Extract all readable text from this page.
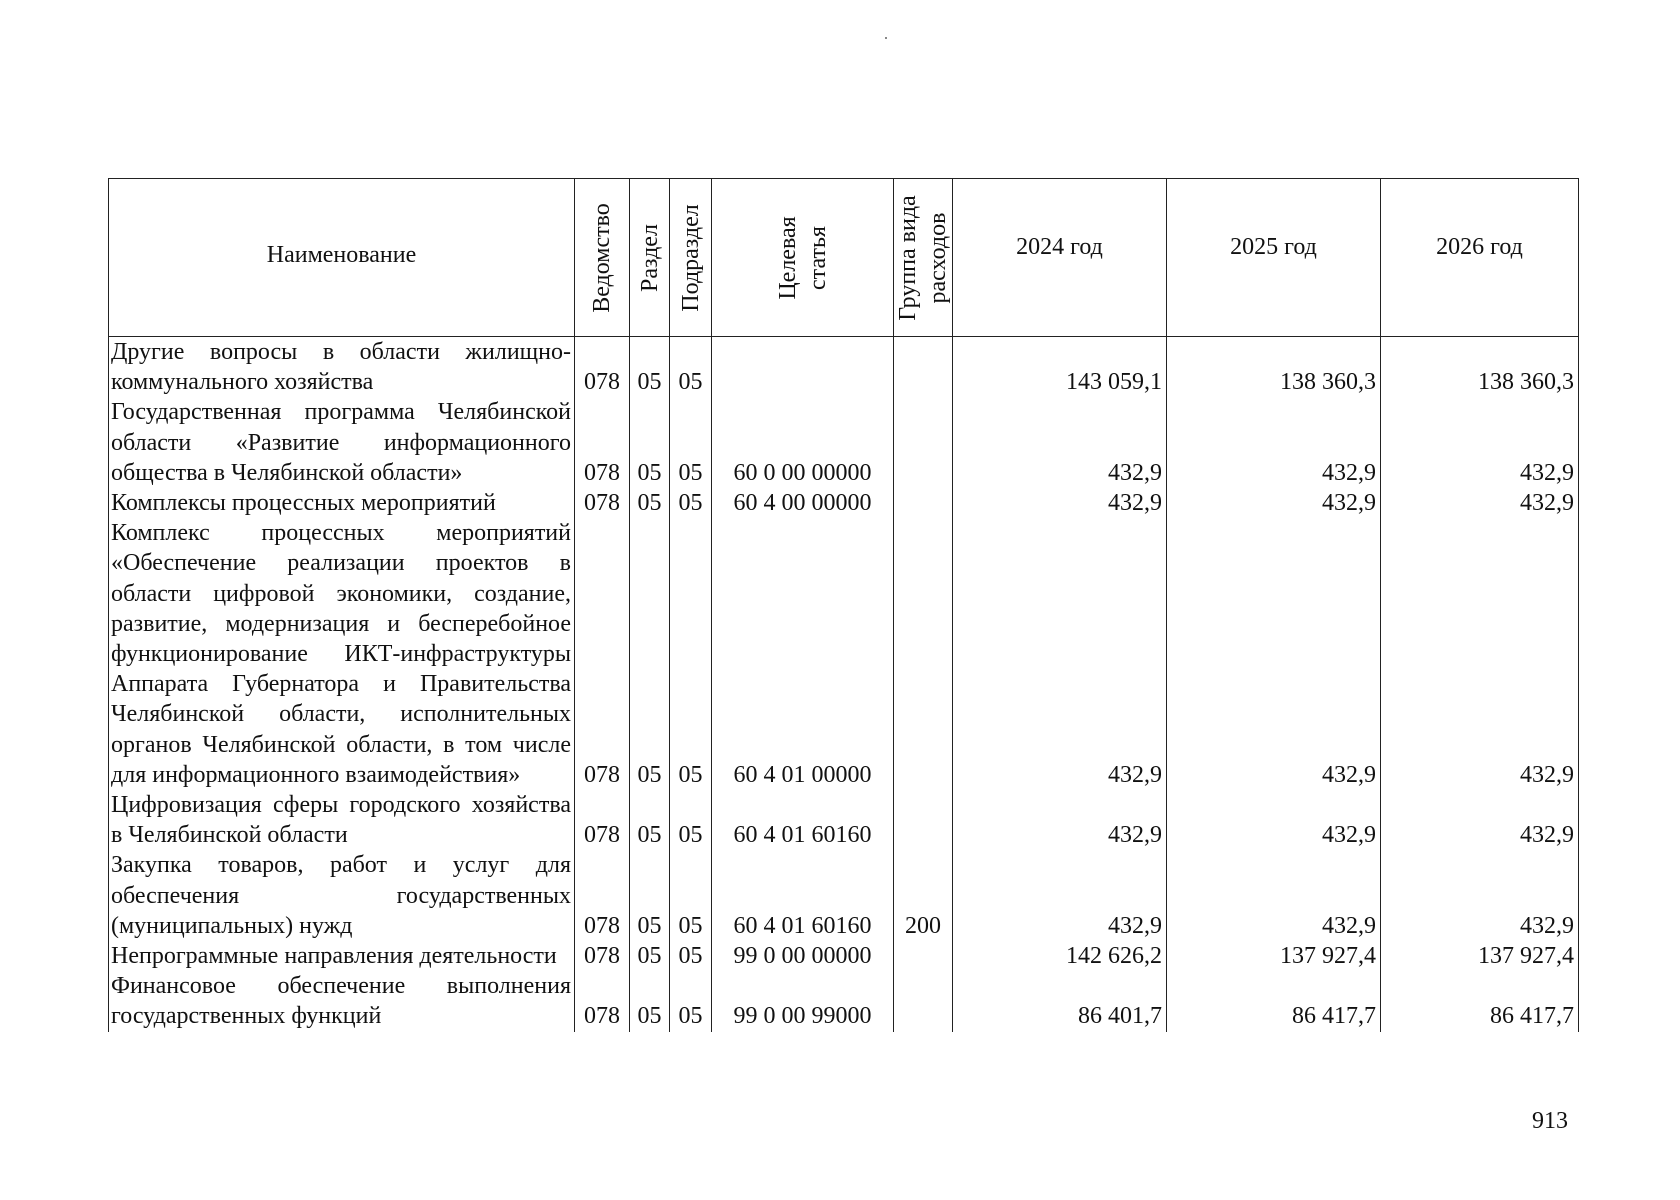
Наименование	Ведомство	Раздел	Подраздел	Целевая статья	Группа вида расходов	2024 год	2025 год	2026 год

Другие вопросы в области жилищно-коммунального хозяйства	078	05	05			143 059,1	138 360,3	138 360,3
Государственная программа Челябинской области «Развитие информационного общества в Челябинской области»	078	05	05	60 0 00 00000		432,9	432,9	432,9
Комплексы процессных мероприятий	078	05	05	60 4 00 00000		432,9	432,9	432,9
Комплекс процессных мероприятий «Обеспечение реализации проектов в области цифровой экономики, создание, развитие, модернизация и бесперебойное функционирование ИКТ-инфраструктуры Аппарата Губернатора и Правительства Челябинской области, исполнительных органов Челябинской области, в том числе для информационного взаимодействия»	078	05	05	60 4 01 00000		432,9	432,9	432,9
Цифровизация сферы городского хозяйства в Челябинской области	078	05	05	60 4 01 60160		432,9	432,9	432,9
Закупка товаров, работ и услуг для обеспечения государственных (муниципальных) нужд	078	05	05	60 4 01 60160	200	432,9	432,9	432,9
Непрограммные направления деятельности	078	05	05	99 0 00 00000		142 626,2	137 927,4	137 927,4
Финансовое обеспечение выполнения государственных функций	078	05	05	99 0 00 99000		86 401,7	86 417,7	86 417,7
913
